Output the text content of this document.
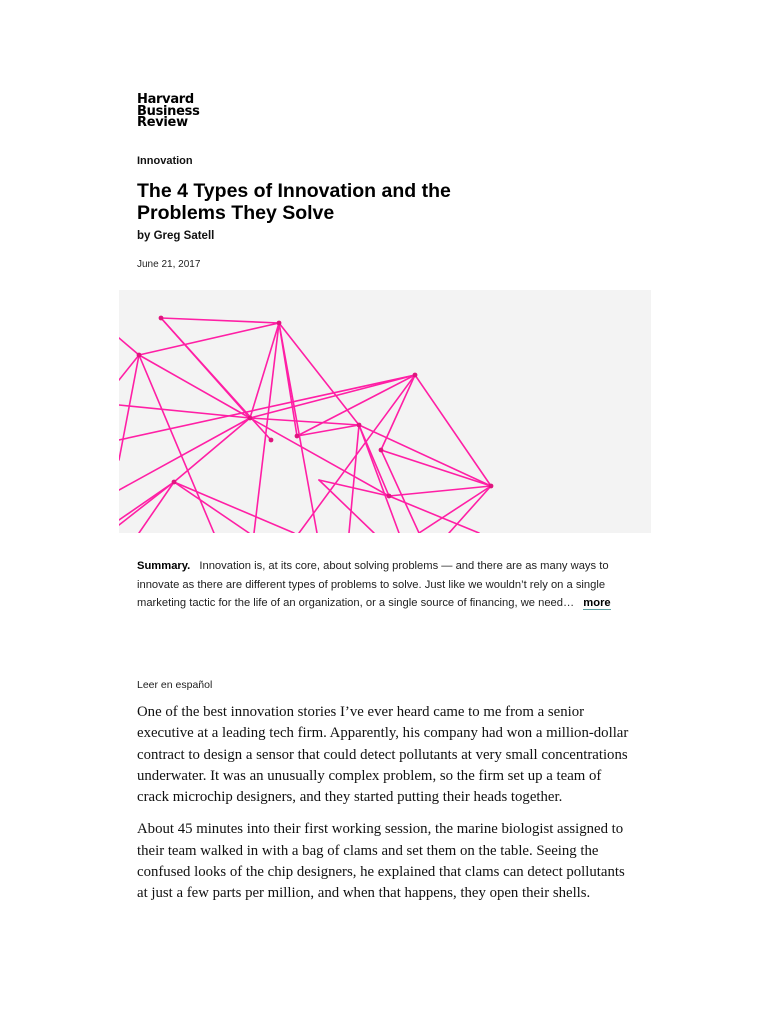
Harvard
Business
Review
Innovation
The 4 Types of Innovation and the Problems They Solve
by Greg Satell
June 21, 2017
Summary. Innovation is, at its core, about solving problems — and there are as many ways to innovate as there are different types of problems to solve. Just like we wouldn’t rely on a single marketing tactic for the life of an organization, or a single source of financing, we need… more
Leer en español

One of the best innovation stories I’ve ever heard came to me from a senior executive at a leading tech firm. Apparently, his company had won a million-dollar contract to design a sensor that could detect pollutants at very small concentrations underwater. It was an unusually complex problem, so the firm set up a team of crack microchip designers, and they started putting their heads together.

About 45 minutes into their first working session, the marine biologist assigned to their team walked in with a bag of clams and set them on the table. Seeing the confused looks of the chip designers, he explained that clams can detect pollutants at just a few parts per million, and when that happens, they open their shells.
